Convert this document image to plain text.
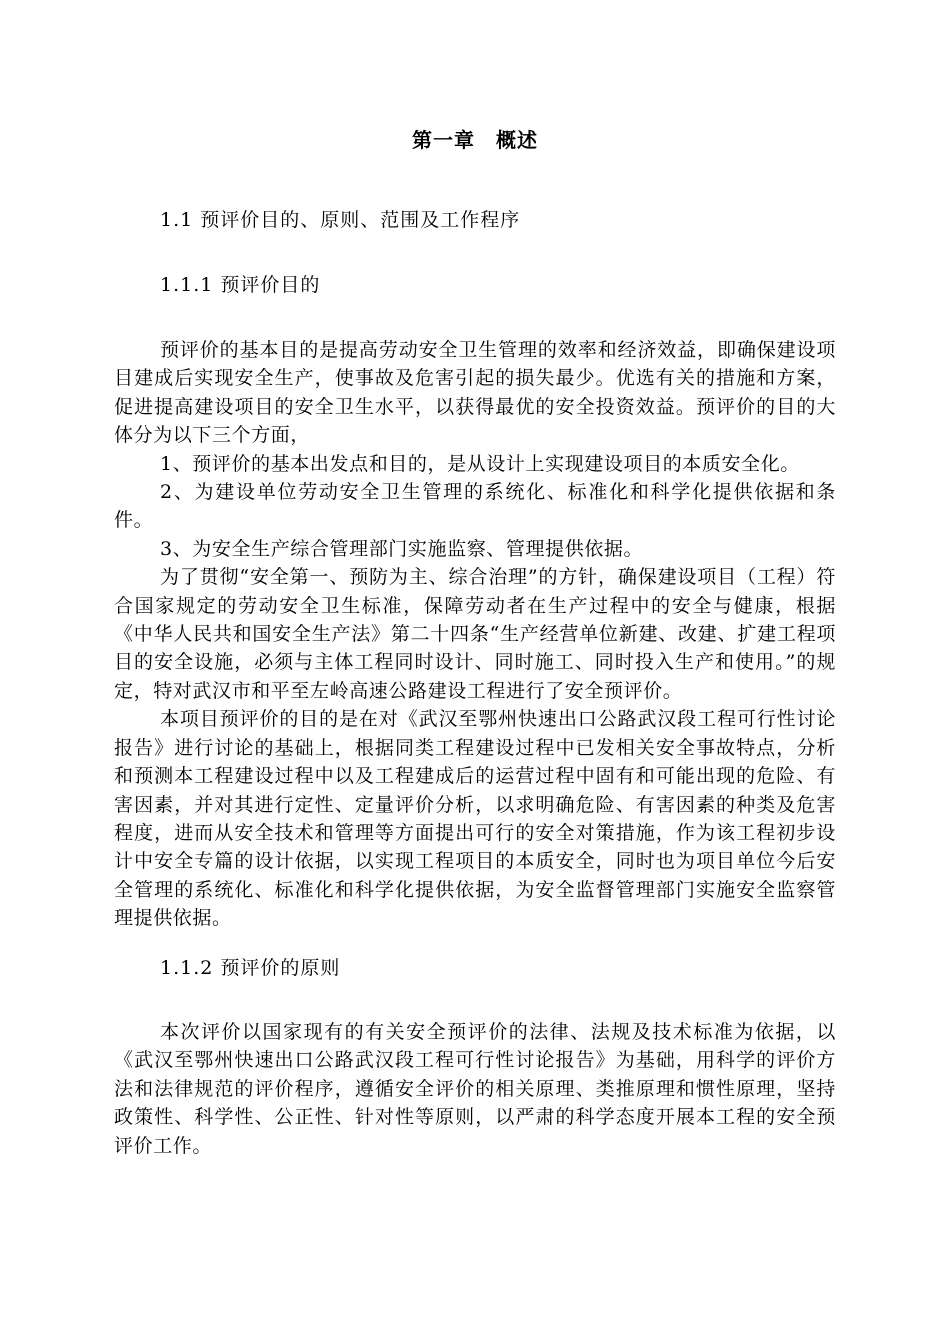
第一章　概述
1.1 预评价目的、原则、范围及工作程序
1.1.1 预评价目的

预评价的基本目的是提高劳动安全卫生管理的效率和经济效益，即确保建设项目建成后实现安全生产，使事故及危害引起的损失最少。优选有关的措施和方案，促进提高建设项目的安全卫生水平，以获得最优的安全投资效益。预评价的目的大体分为以下三个方面，

1、预评价的基本出发点和目的，是从设计上实现建设项目的本质安全化。

2、为建设单位劳动安全卫生管理的系统化、标准化和科学化提供依据和条件。

3、为安全生产综合管理部门实施监察、管理提供依据。

为了贯彻“安全第一、预防为主、综合治理”的方针，确保建设项目（工程）符合国家规定的劳动安全卫生标准，保障劳动者在生产过程中的安全与健康，根据《中华人民共和国安全生产法》第二十四条“生产经营单位新建、改建、扩建工程项目的安全设施，必须与主体工程同时设计、同时施工、同时投入生产和使用。”的规定，特对武汉市和平至左岭高速公路建设工程进行了安全预评价。

本项目预评价的目的是在对《武汉至鄂州快速出口公路武汉段工程可行性讨论报告》进行讨论的基础上，根据同类工程建设过程中已发相关安全事故特点，分析和预测本工程建设过程中以及工程建成后的运营过程中固有和可能出现的危险、有害因素，并对其进行定性、定量评价分析，以求明确危险、有害因素的种类及危害程度，进而从安全技术和管理等方面提出可行的安全对策措施，作为该工程初步设计中安全专篇的设计依据，以实现工程项目的本质安全，同时也为项目单位今后安全管理的系统化、标准化和科学化提供依据，为安全监督管理部门实施安全监察管理提供依据。

1.1.2 预评价的原则

本次评价以国家现有的有关安全预评价的法律、法规及技术标准为依据，以《武汉至鄂州快速出口公路武汉段工程可行性讨论报告》为基础，用科学的评价方法和法律规范的评价程序，遵循安全评价的相关原理、类推原理和惯性原理，坚持政策性、科学性、公正性、针对性等原则，以严肃的科学态度开展本工程的安全预评价工作。
